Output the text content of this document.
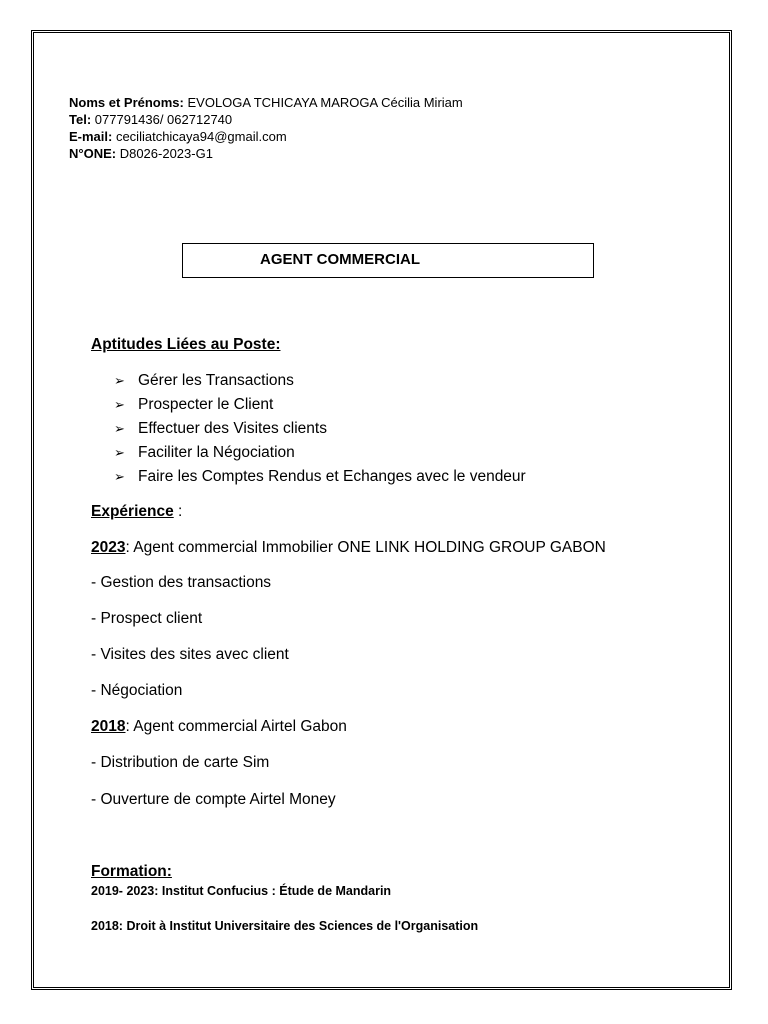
Noms et Prénoms: EVOLOGA TCHICAYA MAROGA Cécilia Miriam
Tel: 077791436/ 062712740
E-mail: ceciliatchicaya94@gmail.com
N°ONE: D8026-2023-G1
AGENT COMMERCIAL
Aptitudes Liées au Poste:
➢ Gérer les Transactions
➢ Prospecter le Client
➢ Effectuer des Visites clients
➢ Faciliter la Négociation
➢ Faire les Comptes Rendus et Echanges avec le vendeur
Expérience :
2023: Agent commercial Immobilier ONE LINK HOLDING GROUP GABON
- Gestion des transactions
- Prospect client
- Visites des sites avec client
- Négociation
2018: Agent commercial Airtel Gabon
- Distribution de carte Sim
- Ouverture de compte Airtel Money
Formation:
2019- 2023: Institut Confucius : Étude de Mandarin
2018: Droit à Institut Universitaire des Sciences de l'Organisation
